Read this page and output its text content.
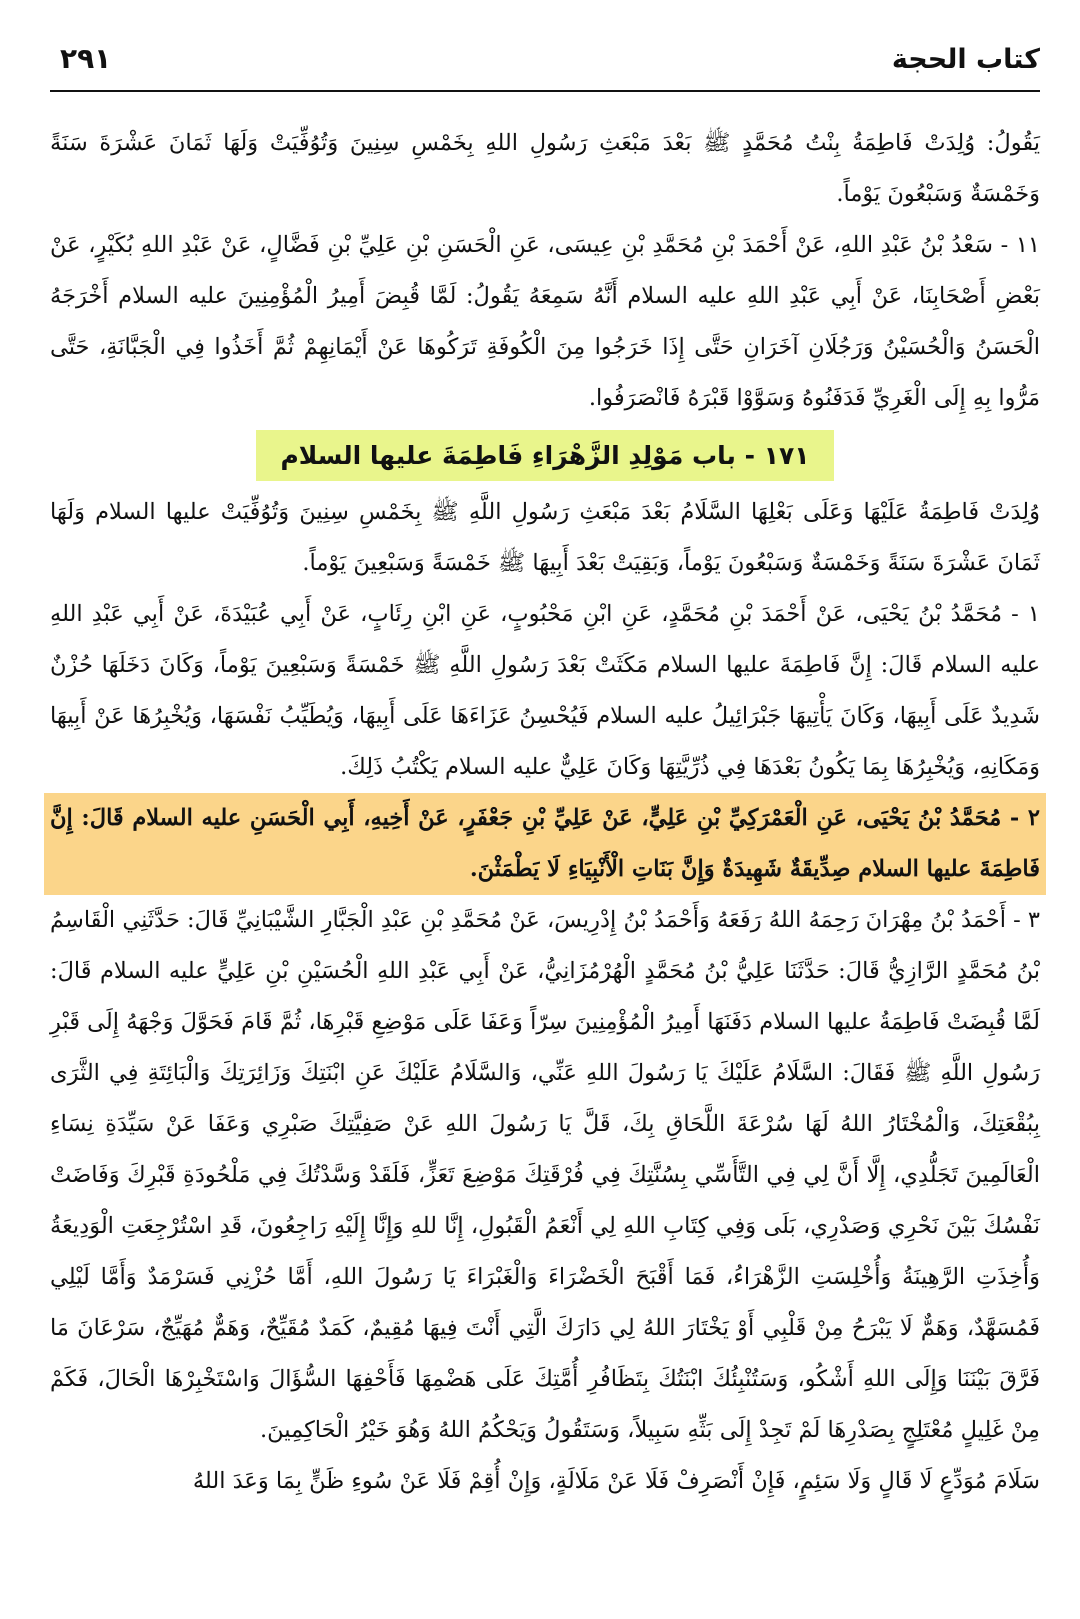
كتاب الحجة
٢٩١

يَقُولُ: وُلِدَتْ فَاطِمَةُ بِنْتُ مُحَمَّدٍ ﷺ بَعْدَ مَبْعَثِ رَسُولِ اللهِ بِخَمْسِ سِنِينَ وَتُوُفِّيَتْ وَلَهَا ثَمَانَ عَشْرَةَ سَنَةً وَخَمْسَةٌ وَسَبْعُونَ يَوْماً.

١١ - سَعْدُ بْنُ عَبْدِ اللهِ، عَنْ أَحْمَدَ بْنِ مُحَمَّدِ بْنِ عِيسَى، عَنِ الْحَسَنِ بْنِ عَلِيِّ بْنِ فَضَّالٍ، عَنْ عَبْدِ اللهِ بُكَيْرٍ، عَنْ بَعْضِ أَصْحَابِنَا، عَنْ أَبِي عَبْدِ اللهِ عليه السلام أَنَّهُ سَمِعَهُ يَقُولُ: لَمَّا قُبِضَ أَمِيرُ الْمُؤْمِنِينَ عليه السلام أَخْرَجَهُ الْحَسَنُ وَالْحُسَيْنُ وَرَجُلَانِ آخَرَانِ حَتَّى إِذَا خَرَجُوا مِنَ الْكُوفَةِ تَرَكُوهَا عَنْ أَيْمَانِهِمْ ثُمَّ أَخَذُوا فِي الْجَبَّانَةِ، حَتَّى مَرُّوا بِهِ إِلَى الْغَرِيِّ فَدَفَنُوهُ وَسَوَّوْا قَبْرَهُ فَانْصَرَفُوا.

١٧١ - باب مَوْلِدِ الزَّهْرَاءِ فَاطِمَةَ عليها السلام

وُلِدَتْ فَاطِمَةُ عَلَيْهَا وَعَلَى بَعْلِهَا السَّلَامُ بَعْدَ مَبْعَثِ رَسُولِ اللَّهِ ﷺ بِخَمْسِ سِنِينَ وَتُوُفِّيَتْ عليها السلام وَلَهَا ثَمَانَ عَشْرَةَ سَنَةً وَخَمْسَةٌ وَسَبْعُونَ يَوْماً، وَبَقِيَتْ بَعْدَ أَبِيهَا ﷺ خَمْسَةً وَسَبْعِينَ يَوْماً.

١ - مُحَمَّدُ بْنُ يَحْيَى، عَنْ أَحْمَدَ بْنِ مُحَمَّدٍ، عَنِ ابْنِ مَحْبُوبٍ، عَنِ ابْنِ رِئَابٍ، عَنْ أَبِي عُبَيْدَةَ، عَنْ أَبِي عَبْدِ اللهِ عليه السلام قَالَ: إِنَّ فَاطِمَةَ عليها السلام مَكَثَتْ بَعْدَ رَسُولِ اللَّهِ ﷺ خَمْسَةً وَسَبْعِينَ يَوْماً، وَكَانَ دَخَلَهَا حُزْنٌ شَدِيدٌ عَلَى أَبِيهَا، وَكَانَ يَأْتِيهَا جَبْرَائِيلُ عليه السلام فَيُحْسِنُ عَزَاءَهَا عَلَى أَبِيهَا، وَيُطَيِّبُ نَفْسَهَا، وَيُخْبِرُهَا عَنْ أَبِيهَا وَمَكَانِهِ، وَيُخْبِرُهَا بِمَا يَكُونُ بَعْدَهَا فِي ذُرِّيَّتِهَا وَكَانَ عَلِيٌّ عليه السلام يَكْتُبُ ذَلِكَ.

٢ - مُحَمَّدُ بْنُ يَحْيَى، عَنِ الْعَمْرَكِيِّ بْنِ عَلِيٍّ، عَنْ عَلِيِّ بْنِ جَعْفَرٍ، عَنْ أَخِيهِ، أَبِي الْحَسَنِ عليه السلام قَالَ: إِنَّ فَاطِمَةَ عليها السلام صِدِّيقَةٌ شَهِيدَةٌ وَإِنَّ بَنَاتِ الْأَنْبِيَاءِ لَا يَطْمَثْنَ.

٣ - أَحْمَدُ بْنُ مِهْرَانَ رَحِمَهُ اللهُ رَفَعَهُ وَأَحْمَدُ بْنُ إِدْرِيسَ، عَنْ مُحَمَّدِ بْنِ عَبْدِ الْجَبَّارِ الشَّيْبَانِيِّ قَالَ: حَدَّثَنِي الْقَاسِمُ بْنُ مُحَمَّدٍ الرَّازِيُّ قَالَ: حَدَّثَنَا عَلِيُّ بْنُ مُحَمَّدٍ الْهُرْمُزَانِيُّ، عَنْ أَبِي عَبْدِ اللهِ الْحُسَيْنِ بْنِ عَلِيٍّ عليه السلام قَالَ: لَمَّا قُبِضَتْ فَاطِمَةُ عليها السلام دَفَنَهَا أَمِيرُ الْمُؤْمِنِينَ سِرّاً وَعَفَا عَلَى مَوْضِعِ قَبْرِهَا، ثُمَّ قَامَ فَحَوَّلَ وَجْهَهُ إِلَى قَبْرِ رَسُولِ اللَّهِ ﷺ فَقَالَ: السَّلَامُ عَلَيْكَ يَا رَسُولَ اللهِ عَنِّي، وَالسَّلَامُ عَلَيْكَ عَنِ ابْنَتِكَ وَزَائِرَتِكَ وَالْبَائِتَةِ فِي الثَّرَى بِبُقْعَتِكَ، وَالْمُخْتَارُ اللهُ لَهَا سُرْعَةَ اللَّحَاقِ بِكَ، قَلَّ يَا رَسُولَ اللهِ عَنْ صَفِيَّتِكَ صَبْرِي وَعَفَا عَنْ سَيِّدَةِ نِسَاءِ الْعَالَمِينَ تَجَلُّدِي، إِلَّا أَنَّ لِي فِي التَّأَسِّي بِسُنَّتِكَ فِي فُرْقَتِكَ مَوْضِعَ تَعَزٍّ، فَلَقَدْ وَسَّدْتُكَ فِي مَلْحُودَةِ قَبْرِكَ وَفَاضَتْ نَفْسُكَ بَيْنَ نَحْرِي وَصَدْرِي، بَلَى وَفِي كِتَابِ اللهِ لِي أَنْعَمُ الْقَبُولِ، إِنَّا للهِ وَإِنَّا إِلَيْهِ رَاجِعُونَ، قَدِ اسْتُرْجِعَتِ الْوَدِيعَةُ وَأُخِذَتِ الرَّهِينَةُ وَأُخْلِسَتِ الزَّهْرَاءُ، فَمَا أَقْبَحَ الْخَضْرَاءَ وَالْغَبْرَاءَ يَا رَسُولَ اللهِ، أَمَّا حُزْنِي فَسَرْمَدٌ وَأَمَّا لَيْلِي فَمُسَهَّدٌ، وَهَمٌّ لَا يَبْرَحُ مِنْ قَلْبِي أَوْ يَخْتَارَ اللهُ لِي دَارَكَ الَّتِي أَنْتَ فِيهَا مُقِيمٌ، كَمَدٌ مُقَيِّحٌ، وَهَمٌّ مُهَيِّجٌ، سَرْعَانَ مَا فَرَّقَ بَيْنَنَا وَإِلَى اللهِ أَشْكُو، وَسَتُنْبِئُكَ ابْنَتُكَ بِتَظَافُرِ أُمَّتِكَ عَلَى هَضْمِهَا فَأَحْفِهَا السُّؤَالَ وَاسْتَخْبِرْهَا الْحَالَ، فَكَمْ مِنْ غَلِيلٍ مُعْتَلِجٍ بِصَدْرِهَا لَمْ تَجِدْ إِلَى بَثِّهِ سَبِيلاً، وَسَتَقُولُ وَيَحْكُمُ اللهُ وَهُوَ خَيْرُ الْحَاكِمِينَ.

سَلَامَ مُوَدِّعٍ لَا قَالٍ وَلَا سَئِمٍ، فَإِنْ أَنْصَرِفْ فَلَا عَنْ مَلَالَةٍ، وَإِنْ أُقِمْ فَلَا عَنْ سُوءِ ظَنٍّ بِمَا وَعَدَ اللهُ
